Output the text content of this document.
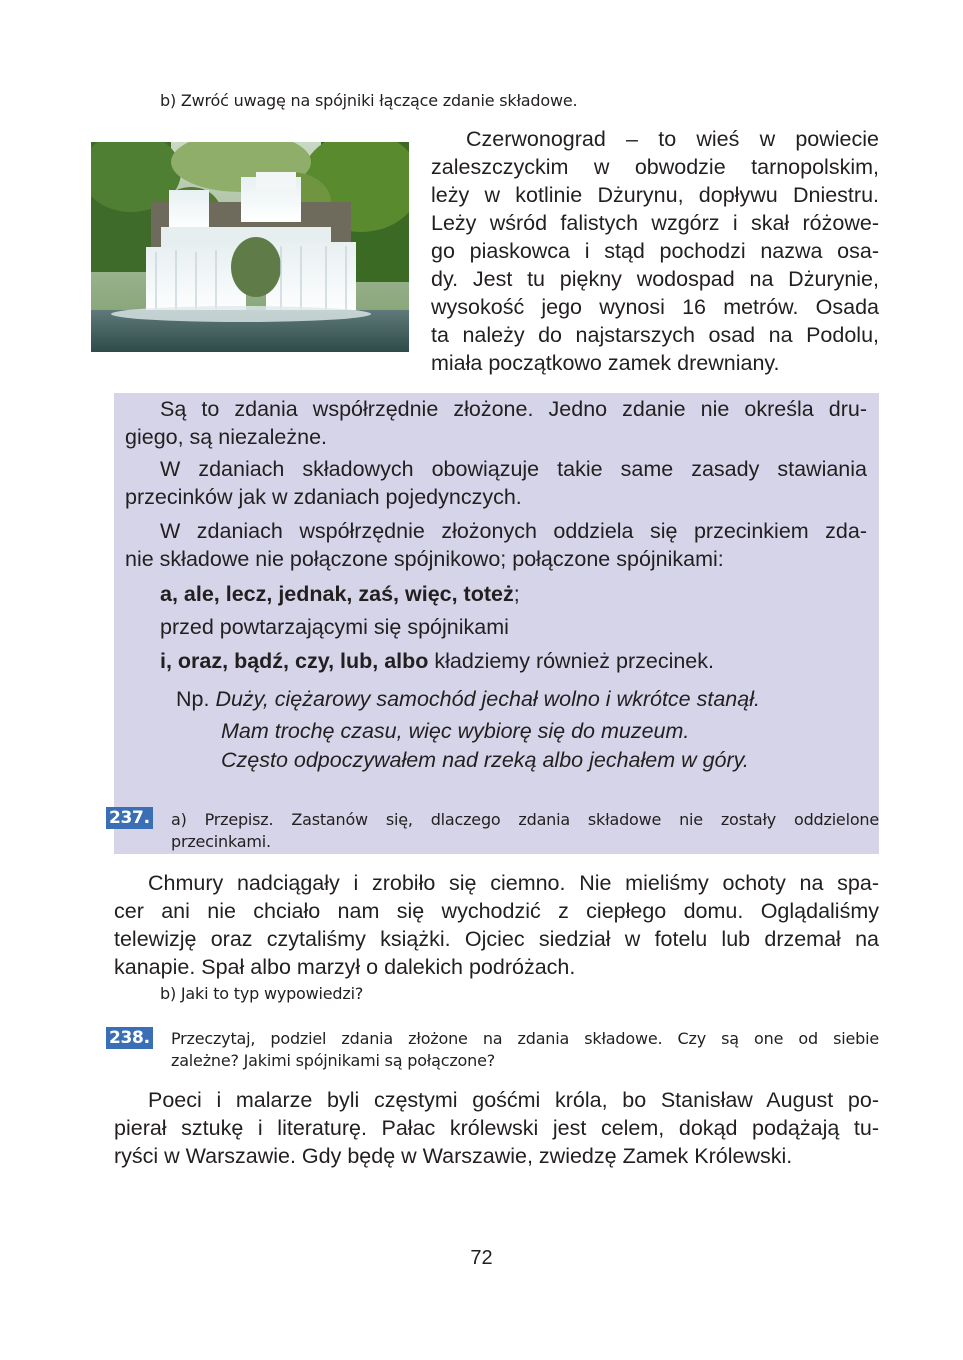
b) Zwróć uwagę na spójniki łączące zdanie składowe.
Czerwonograd – to wieś w powiecie
zaleszczyckim w obwodzie tarnopolskim,
leży w kotlinie Dżurynu, dopływu Dniestru.
Leży wśród falistych wzgórz i skał różowe-
go piaskowca i stąd pochodzi nazwa osa-
dy. Jest tu piękny wodospad na Dżurynie,
wysokość jego wynosi 16 metrów. Osada
ta należy do najstarszych osad na Podolu,
miała początkowo zamek drewniany.
Są to zdania współrzędnie złożone. Jedno zdanie nie określa dru-
giego, są niezależne.
W zdaniach składowych obowiązuje takie same zasady stawiania
przecinków jak w zdaniach pojedynczych.
W zdaniach współrzędnie złożonych oddziela się przecinkiem zda-
nie składowe nie połączone spójnikowo; połączone spójnikami:
a, ale, lecz, jednak, zaś, więc, toteż;
przed powtarzającymi się spójnikami
i, oraz, bądź, czy, lub, albo kładziemy również przecinek.
Np. Duży, ciężarowy samochód jechał wolno i wkrótce stanął.
Mam trochę czasu, więc wybiorę się do muzeum.
Często odpoczywałem nad rzeką albo jechałem w góry.
237. a) Przepisz. Zastanów się, dlaczego zdania składowe nie zostały oddzielone
przecinkami.
Chmury nadciągały i zrobiło się ciemno. Nie mieliśmy ochoty na spa-
cer ani nie chciało nam się wychodzić z ciepłego domu. Oglądaliśmy
telewizję oraz czytaliśmy książki. Ojciec siedział w fotelu lub drzemał na
kanapie. Spał albo marzył o dalekich podróżach.
b) Jaki to typ wypowiedzi?
238. Przeczytaj, podziel zdania złożone na zdania składowe. Czy są one od siebie
zależne? Jakimi spójnikami są połączone?
Poeci i malarze byli częstymi gośćmi króla, bo Stanisław August po-
pierał sztukę i literaturę. Pałac królewski jest celem, dokąd podążają tu-
ryści w Warszawie. Gdy będę w Warszawie, zwiedzę Zamek Królewski.
72
